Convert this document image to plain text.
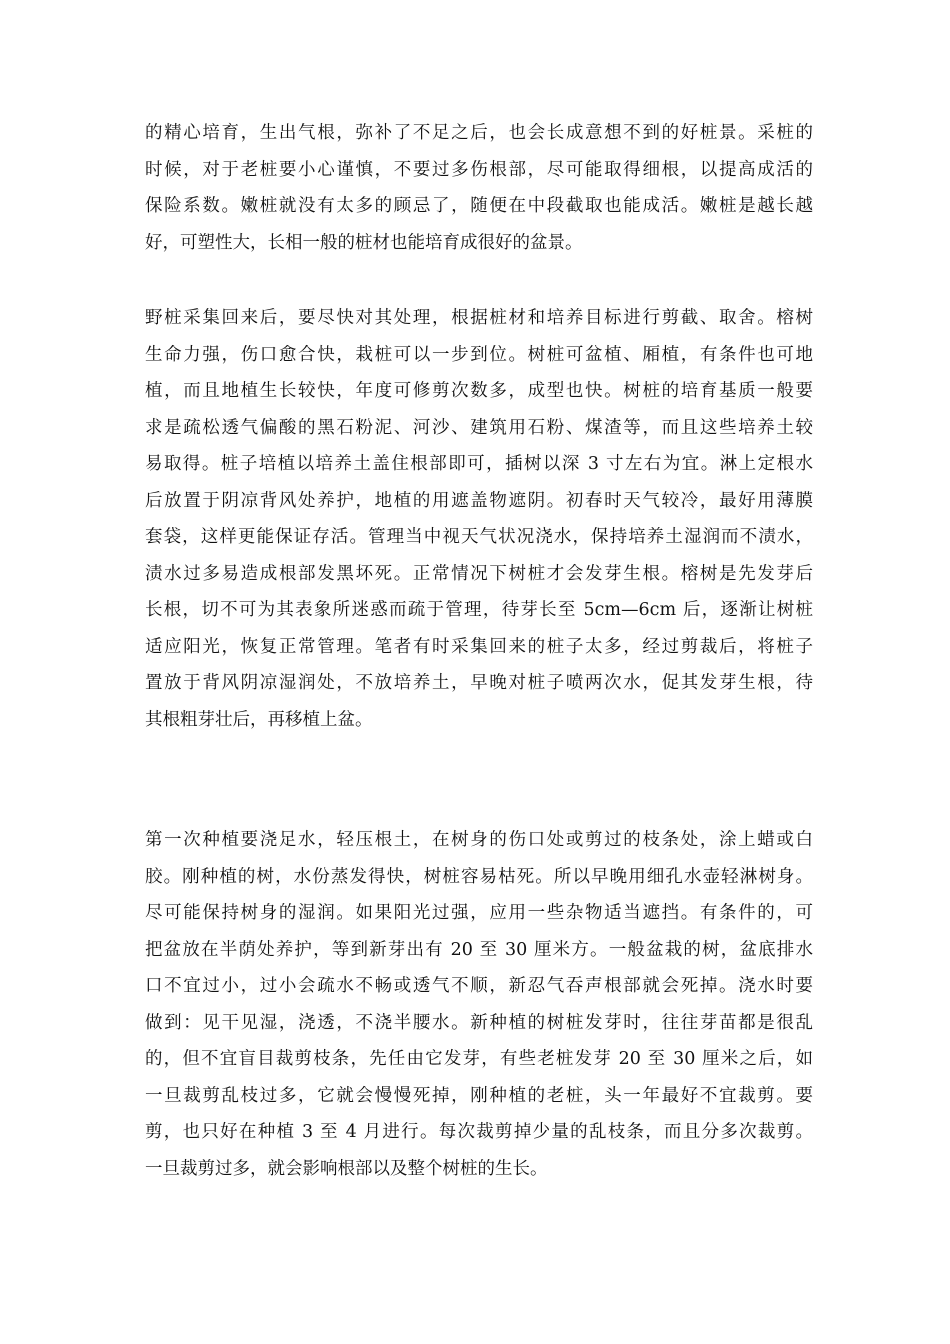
的精心培育，生出气根，弥补了不足之后，也会长成意想不到的好桩景。采桩的
时候，对于老桩要小心谨慎，不要过多伤根部，尽可能取得细根，以提高成活的
保险系数。嫩桩就没有太多的顾忌了，随便在中段截取也能成活。嫩桩是越长越
好，可塑性大，长相一般的桩材也能培育成很好的盆景。

野桩采集回来后，要尽快对其处理，根据桩材和培养目标进行剪截、取舍。榕树
生命力强，伤口愈合快，栽桩可以一步到位。树桩可盆植、厢植，有条件也可地
植，而且地植生长较快，年度可修剪次数多，成型也快。树桩的培育基质一般要
求是疏松透气偏酸的黑石粉泥、河沙、建筑用石粉、煤渣等，而且这些培养土较
易取得。桩子培植以培养土盖住根部即可，插树以深 3 寸左右为宜。淋上定根水
后放置于阴凉背风处养护，地植的用遮盖物遮阴。初春时天气较冷，最好用薄膜
套袋，这样更能保证存活。管理当中视天气状况浇水，保持培养土湿润而不渍水，
渍水过多易造成根部发黑坏死。正常情况下树桩才会发芽生根。榕树是先发芽后
长根，切不可为其表象所迷惑而疏于管理，待芽长至 5cm—6cm 后，逐渐让树桩
适应阳光，恢复正常管理。笔者有时采集回来的桩子太多，经过剪裁后，将桩子
置放于背风阴凉湿润处，不放培养土，早晚对桩子喷两次水，促其发芽生根，待
其根粗芽壮后，再移植上盆。

第一次种植要浇足水，轻压根土，在树身的伤口处或剪过的枝条处，涂上蜡或白
胶。刚种植的树，水份蒸发得快，树桩容易枯死。所以早晚用细孔水壶轻淋树身。
尽可能保持树身的湿润。如果阳光过强，应用一些杂物适当遮挡。有条件的，可
把盆放在半荫处养护，等到新芽出有 20 至 30 厘米方。一般盆栽的树，盆底排水
口不宜过小，过小会疏水不畅或透气不顺，新忍气吞声根部就会死掉。浇水时要
做到：见干见湿，浇透，不浇半腰水。新种植的树桩发芽时，往往芽苗都是很乱
的，但不宜盲目裁剪枝条，先任由它发芽，有些老桩发芽 20 至 30 厘米之后，如
一旦裁剪乱枝过多，它就会慢慢死掉，刚种植的老桩，头一年最好不宜裁剪。要
剪，也只好在种植 3 至 4 月进行。每次裁剪掉少量的乱枝条，而且分多次裁剪。
一旦裁剪过多，就会影响根部以及整个树桩的生长。
